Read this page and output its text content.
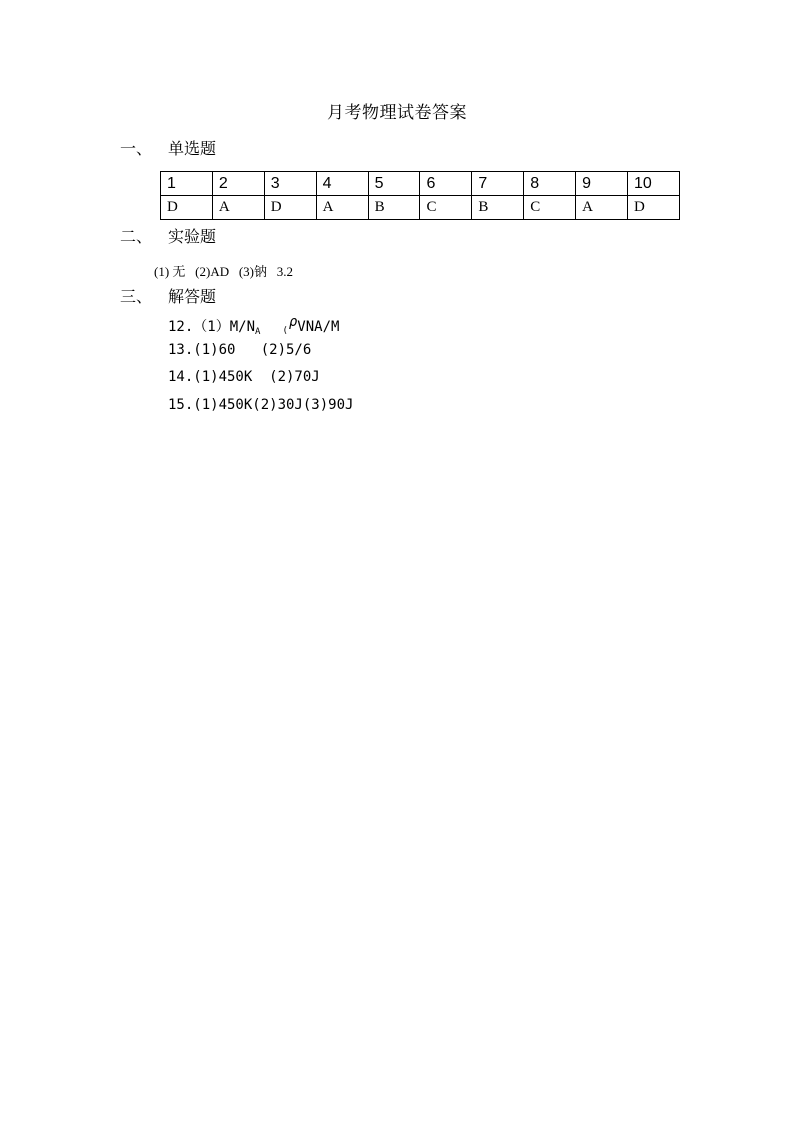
月考物理试卷答案
一、 单选题
1	2	3	4	5	6	7	8	9	10
D	A	D	A	B	C	B	C	A	D
二、 实验题
(1) 无   (2)AD   (3)钠   3.2
三、 解答题
$12.(1)M/N_A$ (ρVNA/M
13.(1)60   (2)5/6
14.(1)450K  (2)70J
15.(1)450K(2)30J(3)90J
